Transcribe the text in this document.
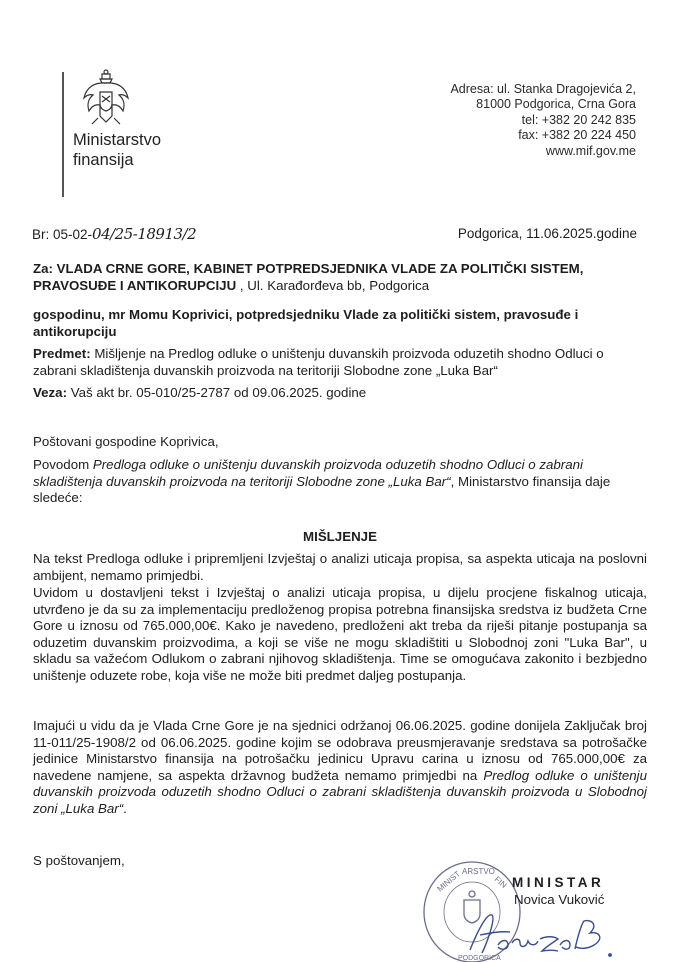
Ministarstvo
finansija
Adresa: ul. Stanka Dragojevića 2,
81000 Podgorica, Crna Gora
tel: +382 20 242 835
fax: +382 20 224 450
www.mif.gov.me
Br: 05-02-04/25-18913/2	Podgorica, 11.06.2025.godine
Za: VLADA CRNE GORE, KABINET POTPREDSJEDNIKA VLADE ZA POLITIČKI SISTEM, PRAVOSUĐE I ANTIKORUPCIJU , Ul. Karađorđeva bb, Podgorica
gospodinu, mr Momu Koprivici, potpredsjedniku Vlade za politički sistem, pravosuđe i antikorupciju
Predmet: Mišljenje na Predlog odluke o uništenju duvanskih proizvoda oduzetih shodno Odluci o zabrani skladištenja duvanskih proizvoda na teritoriji Slobodne zone „Luka Bar“
Veza: Vaš akt br. 05-010/25-2787 od 09.06.2025. godine
Poštovani gospodine Koprivica,
Povodom Predloga odluke o uništenju duvanskih proizvoda oduzetih shodno Odluci o zabrani skladištenja duvanskih proizvoda na teritoriji Slobodne zone „Luka Bar“, Ministarstvo finansija daje sledeće:
MIŠLJENJE
Na tekst Predloga odluke i pripremljeni Izvještaj o analizi uticaja propisa, sa aspekta uticaja na poslovni ambijent, nemamo primjedbi.
Uvidom u dostavljeni tekst i Izvještaj o analizi uticaja propisa, u dijelu procjene fiskalnog uticaja, utvrđeno je da su za implementaciju predloženog propisa potrebna finansijska sredstva iz budžeta Crne Gore u iznosu od 765.000,00€. Kako je navedeno, predloženi akt treba da riješi pitanje postupanja sa oduzetim duvanskim proizvodima, a koji se više ne mogu skladištiti u Slobodnoj zoni "Luka Bar", u skladu sa važećom Odlukom o zabrani njihovog skladištenja. Time se omogućava zakonito i bezbjedno uništenje oduzete robe, koja više ne može biti predmet daljeg postupanja.
Imajući u vidu da je Vlada Crne Gore je na sjednici održanoj 06.06.2025. godine donijela Zaključak broj 11-011/25-1908/2 od 06.06.2025. godine kojim se odobrava preusmjeravanje sredstava sa potrošačke jedinice Ministarstvo finansija na potrošačku jedinicu Upravu carina u iznosu od 765.000,00€ za navedene namjene, sa aspekta državnog budžeta nemamo primjedbi na Predlog odluke o uništenju duvanskih proizvoda oduzetih shodno Odluci o zabrani skladištenja duvanskih proizvoda u Slobodnoj zoni „Luka Bar“.
S poštovanjem,
MINIST ARSTVO
FIN
PODGORICA
MINISTAR
Novica Vuković
